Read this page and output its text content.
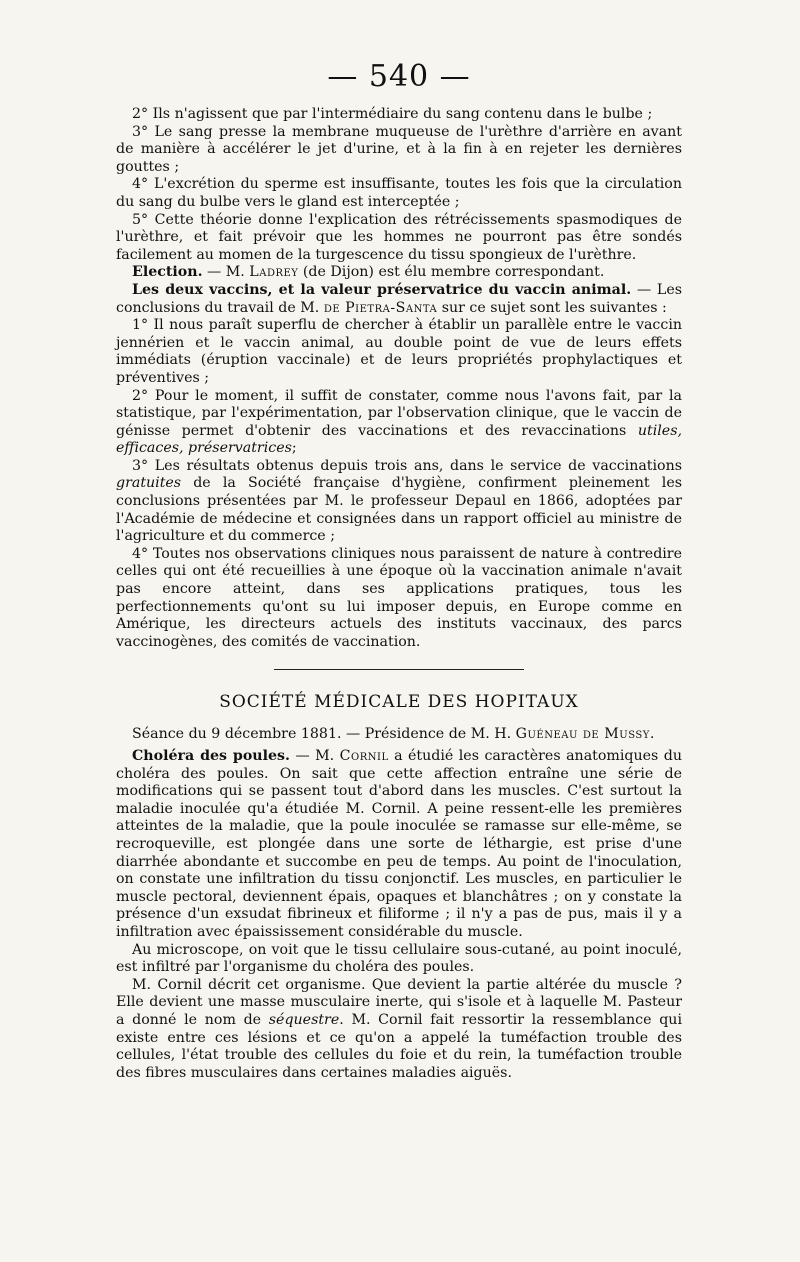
— 540 —

2° Ils n'agissent que par l'intermédiaire du sang contenu dans le bulbe ;

3° Le sang presse la membrane muqueuse de l'urèthre d'arrière en avant de manière à accélérer le jet d'urine, et à la fin à en rejeter les dernières gouttes ;

4° L'excrétion du sperme est insuffisante, toutes les fois que la circulation du sang du bulbe vers le gland est interceptée ;

5° Cette théorie donne l'explication des rétrécissements spasmodiques de l'urèthre, et fait prévoir que les hommes ne pourront pas être sondés facilement au momen de la turgescence du tissu spongieux de l'urèthre.

Election. — M. Ladrey (de Dijon) est élu membre correspondant.

Les deux vaccins, et la valeur préservatrice du vaccin animal. — Les conclusions du travail de M. de Pietra-Santa sur ce sujet sont les suivantes :

1° Il nous paraît superflu de chercher à établir un parallèle entre le vaccin jennérien et le vaccin animal, au double point de vue de leurs effets immédiats (éruption vaccinale) et de leurs propriétés prophylactiques et préventives ;

2° Pour le moment, il suffit de constater, comme nous l'avons fait, par la statistique, par l'expérimentation, par l'observation clinique, que le vaccin de génisse permet d'obtenir des vaccinations et des revaccinations utiles, efficaces, préservatrices;

3° Les résultats obtenus depuis trois ans, dans le service de vaccinations gratuites de la Société française d'hygiène, confirment pleinement les conclusions présentées par M. le professeur Depaul en 1866, adoptées par l'Académie de médecine et consignées dans un rapport officiel au ministre de l'agriculture et du commerce ;

4° Toutes nos observations cliniques nous paraissent de nature à contredire celles qui ont été recueillies à une époque où la vaccination animale n'avait pas encore atteint, dans ses applications pratiques, tous les perfectionnements qu'ont su lui imposer depuis, en Europe comme en Amérique, les directeurs actuels des instituts vaccinaux, des parcs vaccinogènes, des comités de vaccination.

SOCIÉTÉ MÉDICALE DES HOPITAUX

Séance du 9 décembre 1881. — Présidence de M. H. Guéneau de Mussy.

Choléra des poules. — M. Cornil a étudié les caractères anatomiques du choléra des poules. On sait que cette affection entraîne une série de modifications qui se passent tout d'abord dans les muscles. C'est surtout la maladie inoculée qu'a étudiée M. Cornil. A peine ressent-elle les premières atteintes de la maladie, que la poule inoculée se ramasse sur elle-même, se recroqueville, est plongée dans une sorte de léthargie, est prise d'une diarrhée abondante et succombe en peu de temps. Au point de l'inoculation, on constate une infiltration du tissu conjonctif. Les muscles, en particulier le muscle pectoral, deviennent épais, opaques et blanchâtres ; on y constate la présence d'un exsudat fibrineux et filiforme ; il n'y a pas de pus, mais il y a infiltration avec épaississement considérable du muscle.

Au microscope, on voit que le tissu cellulaire sous-cutané, au point inoculé, est infiltré par l'organisme du choléra des poules.

M. Cornil décrit cet organisme. Que devient la partie altérée du muscle ? Elle devient une masse musculaire inerte, qui s'isole et à laquelle M. Pasteur a donné le nom de séquestre. M. Cornil fait ressortir la ressemblance qui existe entre ces lésions et ce qu'on a appelé la tuméfaction trouble des cellules, l'état trouble des cellules du foie et du rein, la tuméfaction trouble des fibres musculaires dans certaines maladies aiguës.
